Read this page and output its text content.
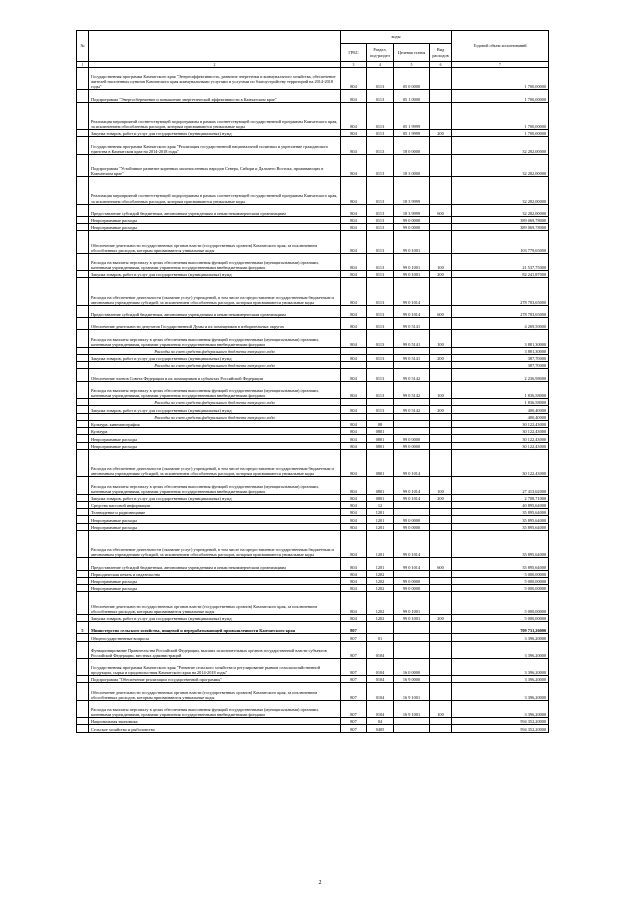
№		коды				Годовой объем ассигнований
		ГРБС	Раздел, под-раздел	Целевая статья	Вид расходов	
1	2	3	4	5	6	7
	Государственная программа Камчатского края "Энергоэффективность, развитие энергетики и коммунального хозяйства, обеспечение жителей населенных пунктов Камчатского края коммунальными услугами и услугами по благоустройству территорий на 2014-2018 годы"	804	0113	05 0 0000		1 700,00000
	Подпрограмма "Энергосбережение и повышение энергетической эффективности в Камчатском крае"	804	0113	05 1 0000		1 700,00000
	Реализация мероприятий соответствующей подпрограммы в рамках соответствующей государственной программы Камчатского края, за исключением обособленных расходов, которым присваиваются уникальные коды	804	0113	05 1 9999		1 700,00000
	Закупка товаров, работ и услуг для государственных (муниципальных) нужд	804	0113	05 1 9999	200	1 700,00000
	Государственная программа Камчатского края "Реализация государственной национальной политики и укрепление гражданского единства в Камчатском крае на 2014-2018 годы"	804	0113	18 0 0000		32 282,00000
	Подпрограмма "Устойчивое развитие коренных малочисленных народов Севера, Сибири и Дальнего Востока, проживающих в Камчатском крае"	804	0113	18 3 0000		32 282,00000
	Реализация мероприятий соответствующей подпрограммы в рамках соответствующей государственной программы Камчатского края, за исключением обособленных расходов, которым присваиваются уникальные коды	804	0113	18 3 9999		32 282,00000
	Предоставление субсидий бюджетным, автономным учреждениям и иным некоммерческим организациям	804	0113	18 3 9999	600	32 282,00000
	Непрограммные расходы	804	0113	99 0 0000		389 069,78000
	Непрограммные расходы	804	0113	99 0 0000		389 069,78000
	Обеспечение деятельности государственных органов власти (государственных органов) Камчатского края, за исключением обособленных расходов, которым присваиваются уникальные коды	804	0113	99 0 1001		103 779,65000
	Расходы на выплаты персоналу в целях обеспечения выполнения функций государственными (муниципальными) органами, казенными учреждениями, органами управления государственными внебюджетными фондами	804	0113	99 0 1001	100	21 537,75000
	Закупка товаров, работ и услуг для государственных (муниципальных) нужд	804	0113	99 0 1001	200	82 241,87000
	Расходы на обеспечение деятельности (оказание услуг) учреждений, в том числе на предоставление государственным бюджетным и автономным учреждениям субсидий, за исключением обособленных расходов, которым присваиваются уникальные коды	804	0113	99 0 1014		278 783,65000
	Предоставление субсидий бюджетным, автономным учреждениям и иным некоммерческим организациям	804	0113	99 0 1014	600	278 783,65000
	Обеспечение деятельности депутатов Государственной Думы и их помощников в избирательных округах	804	0113	99 0 5141		4 269,50000
	Расходы на выплаты персоналу в целях обеспечения выполнения функций государственными (муниципальными) органами, казенными учреждениями, органами управления государственными внебюджетными фондами	804	0113	99 0 5141	100	3 881,30000
	Расходы за счет средств федерального бюджета текущего года					3 881,30000
	Закупка товаров, работ и услуг для государственных (муниципальных) нужд	804	0113	99 0 5141	200	387,70000
	Расходы за счет средств федерального бюджета текущего года					387,70000
	Обеспечение членов Совета Федерации и их помощников в субъектах Российской Федерации	804	0113	99 0 5142		2 236,98000
	Расходы на выплаты персоналу в целях обеспечения выполнения функций государственными (муниципальными) органами, казенными учреждениями, органами управления государственными внебюджетными фондами	804	0113	99 0 5142	100	1 836,58000
	Расходы за счет средств федерального бюджета текущего года					1 836,58000
	Закупка товаров, работ и услуг для государственных (муниципальных) нужд	804	0113	99 0 5142	200	400,40000
	Расходы за счет средств федерального бюджета текущего года					400,40000
	Культура, кинематография	804	08			30 122,43000
	Культура	804	0801			30 122,43000
	Непрограммные расходы	804	0801	99 0 0000		30 122,43000
	Непрограммные расходы	804	0801	99 0 0000		30 122,43000
	Расходы на обеспечение деятельности (оказание услуг) учреждений, в том числе на предоставление государственным бюджетным и автономным учреждениям субсидий, за исключением обособленных расходов, которым присваиваются уникальные коды	804	0801	99 0 1014		30 122,43000
	Расходы на выплаты персоналу в целях обеспечения выполнения функций государственными (муниципальными) органами, казенными учреждениями, органами управления государственными внебюджетными фондами	804	0801	99 0 1014	100	27 413,62000
	Закупка товаров, работ и услуг для государственных (муниципальных) нужд	804	0801	99 0 1014	200	2 708,71000
	Средства массовой информации	804	12			40 895,64000
	Телевидение и радиовещание	804	1201			35 895,64000
	Непрограммные расходы	804	1201	99 0 0000		35 895,64000
	Непрограммные расходы	804	1201	99 0 0000		35 895,64000
	Расходы на обеспечение деятельности (оказание услуг) учреждений, в том числе на предоставление государственным бюджетным и автономным учреждениям субсидий, за исключением обособленных расходов, которым присваиваются уникальные коды	804	1201	99 0 1014		35 895,64000
	Предоставление субсидий бюджетным, автономным учреждениям и иным некоммерческим организациям	804	1201	99 0 1014	600	35 895,64000
	Периодическая печать и издательства	804	1202			5 000,00000
	Непрограммные расходы	804	1202	99 0 0000		5 000,00000
	Непрограммные расходы	804	1202	99 0 0000		5 000,00000
	Обеспечение деятельности государственных органов власти (государственных органов) Камчатского края, за исключением обособленных расходов, которым присваиваются уникальные коды	804	1202	99 0 1001		5 000,00000
	Закупка товаров, работ и услуг для государственных (муниципальных) нужд	804	1202	99 0 1001	200	5 000,00000
5	Министерство сельского хозяйства, пищевой и перерабатывающей промышленности Камчатского края	807				709 731,26000
	Общегосударственные вопросы	807	01			3 396,20000
	Функционирование Правительства Российской Федерации, высших исполнительных органов государственной власти субъектов Российской Федерации, местных администраций	807	0104			3 396,20000
	Государственная программа Камчатского края "Развитие сельского хозяйства и регулирование рынков сельскохозяйственной продукции, сырья и продовольствия Камчатского края на 2014-2018 годы"	807	0104	16 0 0000		3 396,20000
	Подпрограмма "Обеспечение реализации государственной программы"	807	0104	16 9 0000		3 396,20000
	Обеспечение деятельности государственных органов власти (государственных органов) Камчатского края, за исключением обособленных расходов, которым присваиваются уникальные коды	807	0104	16 9 1001		3 396,20000
	Расходы на выплаты персоналу в целях обеспечения выполнения функций государственными (муниципальными) органами, казенными учреждениями, органами управления государственными внебюджетными фондами	807	0104	16 9 1001	100	3 396,20000
	Национальная экономика	807	04			594 352,20000
	Сельское хозяйство и рыболовство	807	0405			594 352,20000
2
